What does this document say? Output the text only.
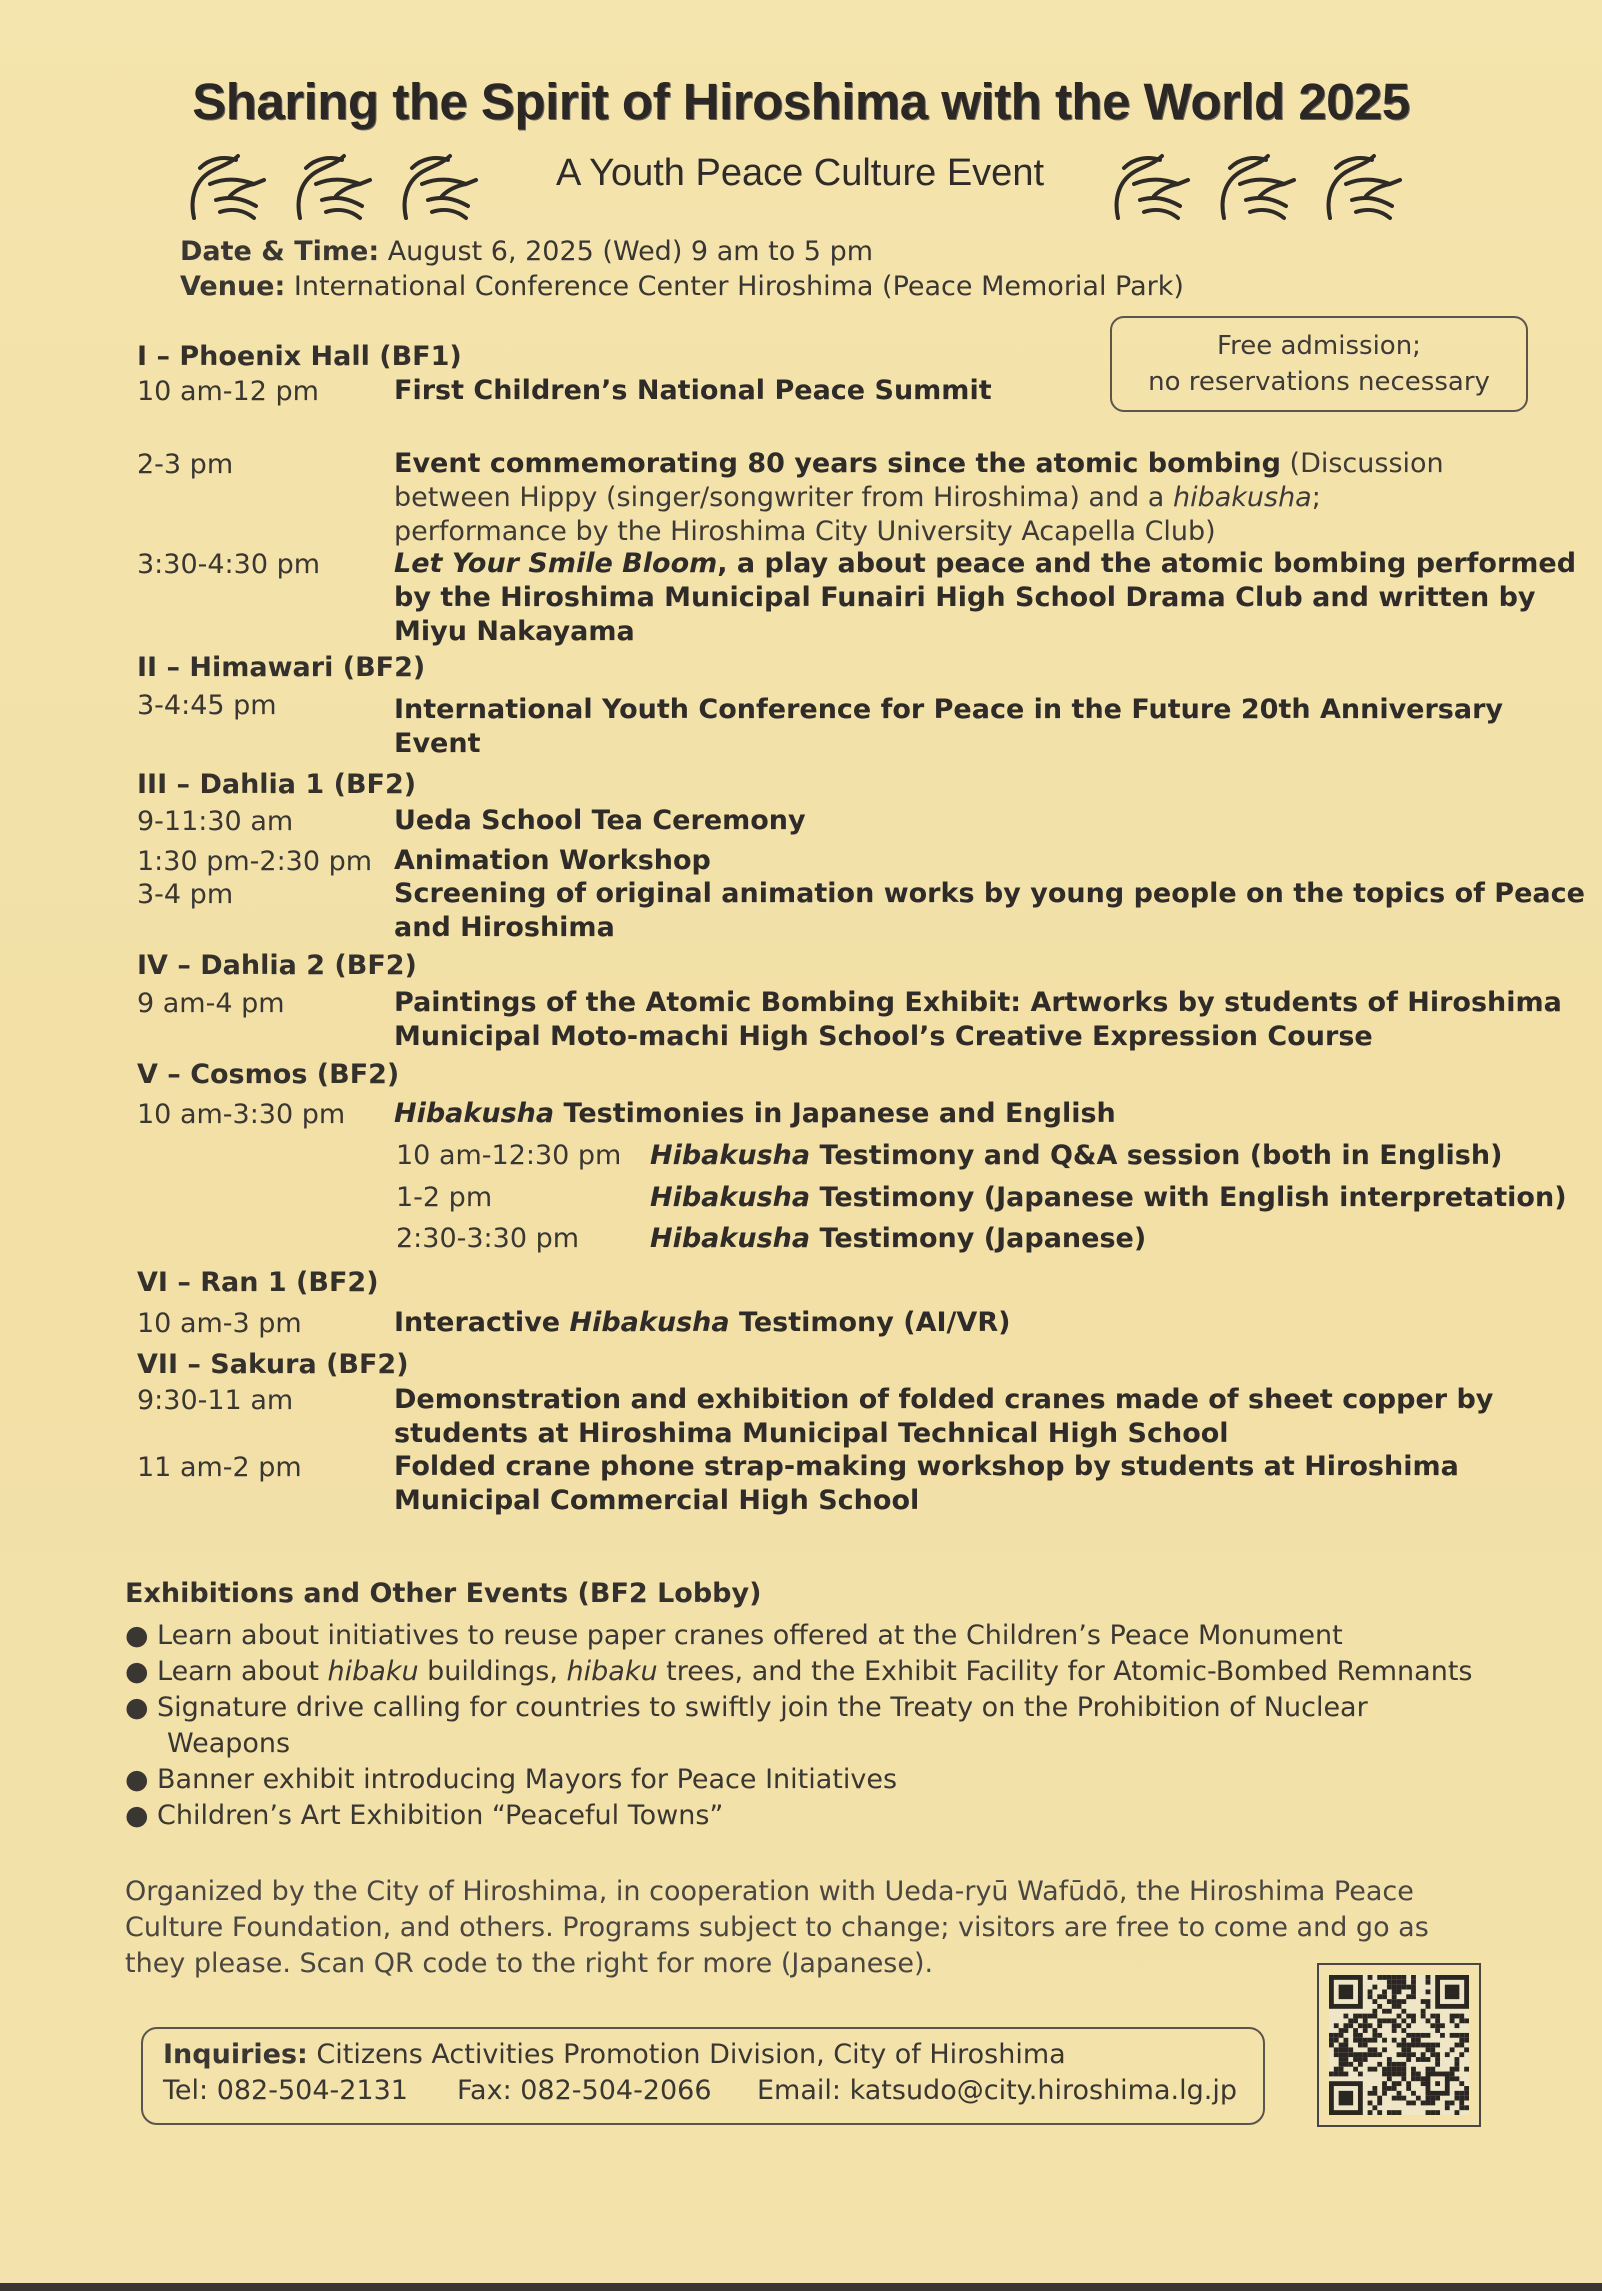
Sharing the Spirit of Hiroshima with the World 2025
A Youth Peace Culture Event
Date & Time: August 6, 2025 (Wed) 9 am to 5 pm
Venue: International Conference Center Hiroshima (Peace Memorial Park)
Free admission;
no reservations necessary
I – Phoenix Hall (BF1)
10 am-12 pm	First Children’s National Peace Summit
2-3 pm	Event commemorating 80 years since the atomic bombing (Discussion
between Hippy (singer/songwriter from Hiroshima) and a hibakusha;
performance by the Hiroshima City University Acapella Club)
3:30-4:30 pm	Let Your Smile Bloom, a play about peace and the atomic bombing performed
by the Hiroshima Municipal Funairi High School Drama Club and written by
Miyu Nakayama
II – Himawari (BF2)
3-4:45 pm	International Youth Conference for Peace in the Future 20th Anniversary
Event
III – Dahlia 1 (BF2)
9-11:30 am	Ueda School Tea Ceremony
1:30 pm-2:30 pm Animation Workshop
3-4 pm	Screening of original animation works by young people on the topics of Peace
and Hiroshima
IV – Dahlia 2 (BF2)
9 am-4 pm	Paintings of the Atomic Bombing Exhibit: Artworks by students of Hiroshima
Municipal Moto-machi High School’s Creative Expression Course
V – Cosmos (BF2)
10 am-3:30 pm Hibakusha Testimonies in Japanese and English
10 am-12:30 pm Hibakusha Testimony and Q&A session (both in English)
1-2 pm	Hibakusha Testimony (Japanese with English interpretation)
2:30-3:30 pm	Hibakusha Testimony (Japanese)
VI – Ran 1 (BF2)
10 am-3 pm	Interactive Hibakusha Testimony (AI/VR)
VII – Sakura (BF2)
9:30-11 am	Demonstration and exhibition of folded cranes made of sheet copper by
students at Hiroshima Municipal Technical High School
11 am-2 pm	Folded crane phone strap-making workshop by students at Hiroshima
Municipal Commercial High School
Exhibitions and Other Events (BF2 Lobby)
● Learn about initiatives to reuse paper cranes offered at the Children’s Peace Monument
● Learn about hibaku buildings, hibaku trees, and the Exhibit Facility for Atomic-Bombed Remnants
● Signature drive calling for countries to swiftly join the Treaty on the Prohibition of Nuclear
Weapons
● Banner exhibit introducing Mayors for Peace Initiatives
● Children’s Art Exhibition “Peaceful Towns”
Organized by the City of Hiroshima, in cooperation with Ueda-ryū Wafūdō, the Hiroshima Peace
Culture Foundation, and others. Programs subject to change; visitors are free to come and go as
they please. Scan QR code to the right for more (Japanese).
Inquiries: Citizens Activities Promotion Division, City of Hiroshima
Tel: 082-504-2131 Fax: 082-504-2066 Email: katsudo@city.hiroshima.lg.jp
